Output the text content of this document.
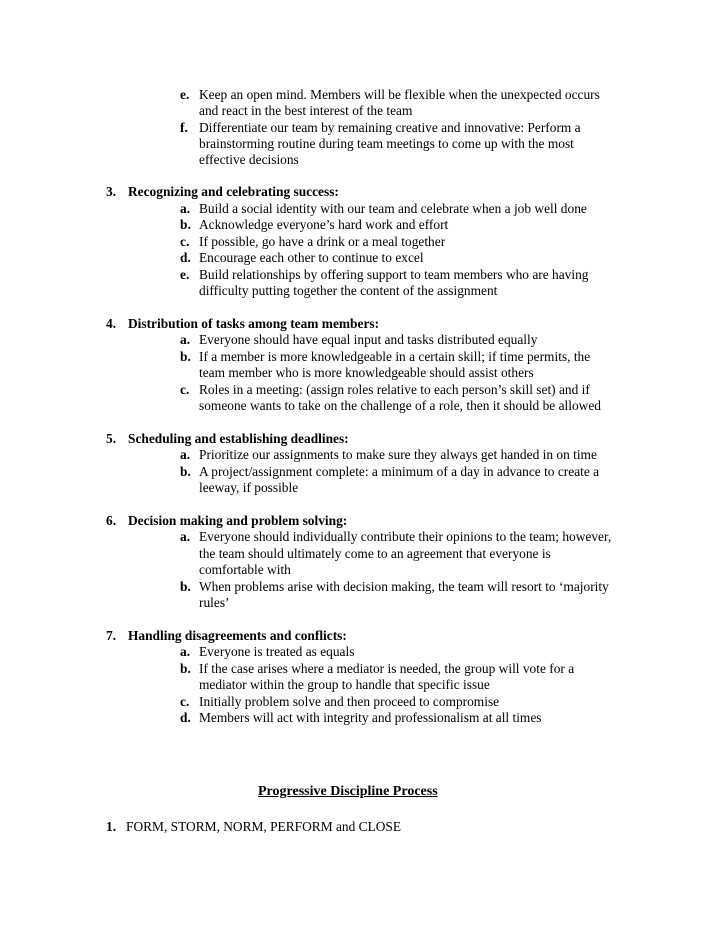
e. Keep an open mind. Members will be flexible when the unexpected occurs
and react in the best interest of the team
f. Differentiate our team by remaining creative and innovative: Perform a
brainstorming routine during team meetings to come up with the most
effective decisions
3. Recognizing and celebrating success:
a. Build a social identity with our team and celebrate when a job well done
b. Acknowledge everyone’s hard work and effort
c. If possible, go have a drink or a meal together
d. Encourage each other to continue to excel
e. Build relationships by offering support to team members who are having
difficulty putting together the content of the assignment
4. Distribution of tasks among team members:
a. Everyone should have equal input and tasks distributed equally
b. If a member is more knowledgeable in a certain skill; if time permits, the
team member who is more knowledgeable should assist others
c. Roles in a meeting: (assign roles relative to each person’s skill set) and if
someone wants to take on the challenge of a role, then it should be allowed
5. Scheduling and establishing deadlines:
a. Prioritize our assignments to make sure they always get handed in on time
b. A project/assignment complete: a minimum of a day in advance to create a
leeway, if possible
6. Decision making and problem solving:
a. Everyone should individually contribute their opinions to the team; however,
the team should ultimately come to an agreement that everyone is
comfortable with
b. When problems arise with decision making, the team will resort to ‘majority
rules’
7. Handling disagreements and conflicts:
a. Everyone is treated as equals
b. If the case arises where a mediator is needed, the group will vote for a
mediator within the group to handle that specific issue
c. Initially problem solve and then proceed to compromise
d. Members will act with integrity and professionalism at all times
Progressive Discipline Process
1. FORM, STORM, NORM, PERFORM and CLOSE
